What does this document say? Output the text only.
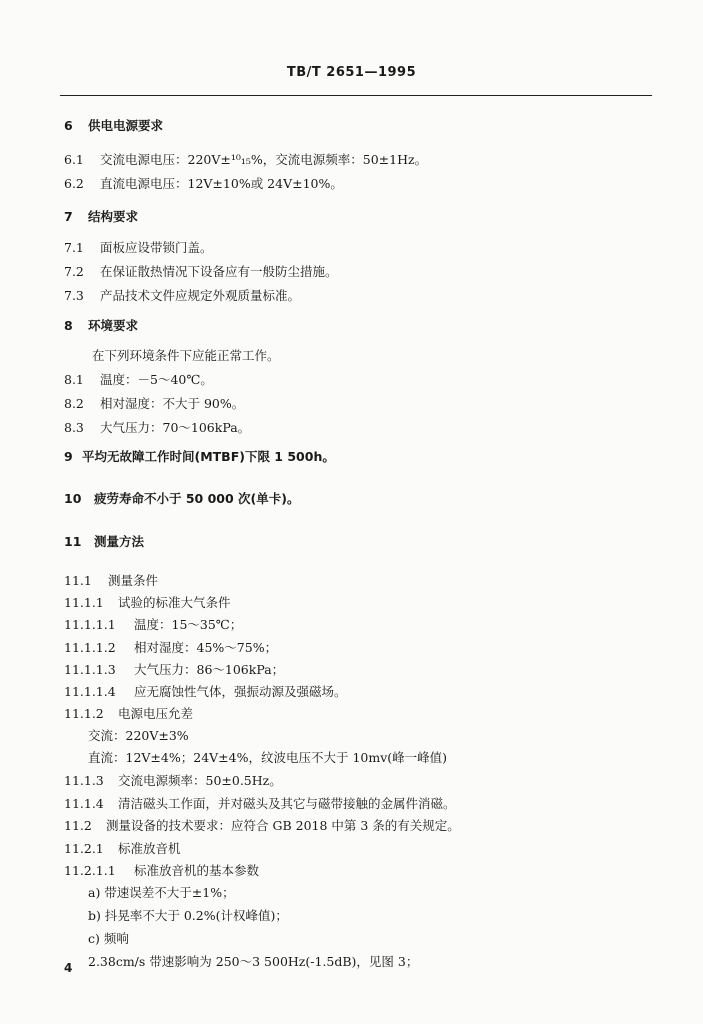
TB/T 2651—1995
6 供电电源要求
6.1 交流电源电压：220V±¹⁰₁₅%，交流电源频率：50±1Hz。
6.2 直流电源电压：12V±10%或 24V±10%。
7 结构要求
7.1 面板应设带锁门盖。
7.2 在保证散热情况下设备应有一般防尘措施。
7.3 产品技术文件应规定外观质量标准。
8 环境要求
在下列环境条件下应能正常工作。
8.1 温度：－5～40℃。
8.2 相对湿度：不大于 90%。
8.3 大气压力：70～106kPa。
9 平均无故障工作时间(MTBF)下限 1 500h。
10 疲劳寿命不小于 50 000 次(单卡)。
11 测量方法
11.1 测量条件
11.1.1 试验的标准大气条件
11.1.1.1 温度：15～35℃；
11.1.1.2 相对湿度：45%～75%；
11.1.1.3 大气压力：86～106kPa；
11.1.1.4 应无腐蚀性气体，强振动源及强磁场。
11.1.2 电源电压允差
交流：220V±3%
直流：12V±4%；24V±4%，纹波电压不大于 10mv(峰一峰值)
11.1.3 交流电源频率：50±0.5Hz。
11.1.4 清洁磁头工作面，并对磁头及其它与磁带接触的金属件消磁。
11.2 测量设备的技术要求：应符合 GB 2018 中第 3 条的有关规定。
11.2.1 标准放音机
11.2.1.1 标准放音机的基本参数
a) 带速误差不大于±1%；
b) 抖晃率不大于 0.2%(计权峰值)；
c) 频响
2.38cm/s 带速影响为 250～3 500Hz(-1.5dB)，见图 3；
4
